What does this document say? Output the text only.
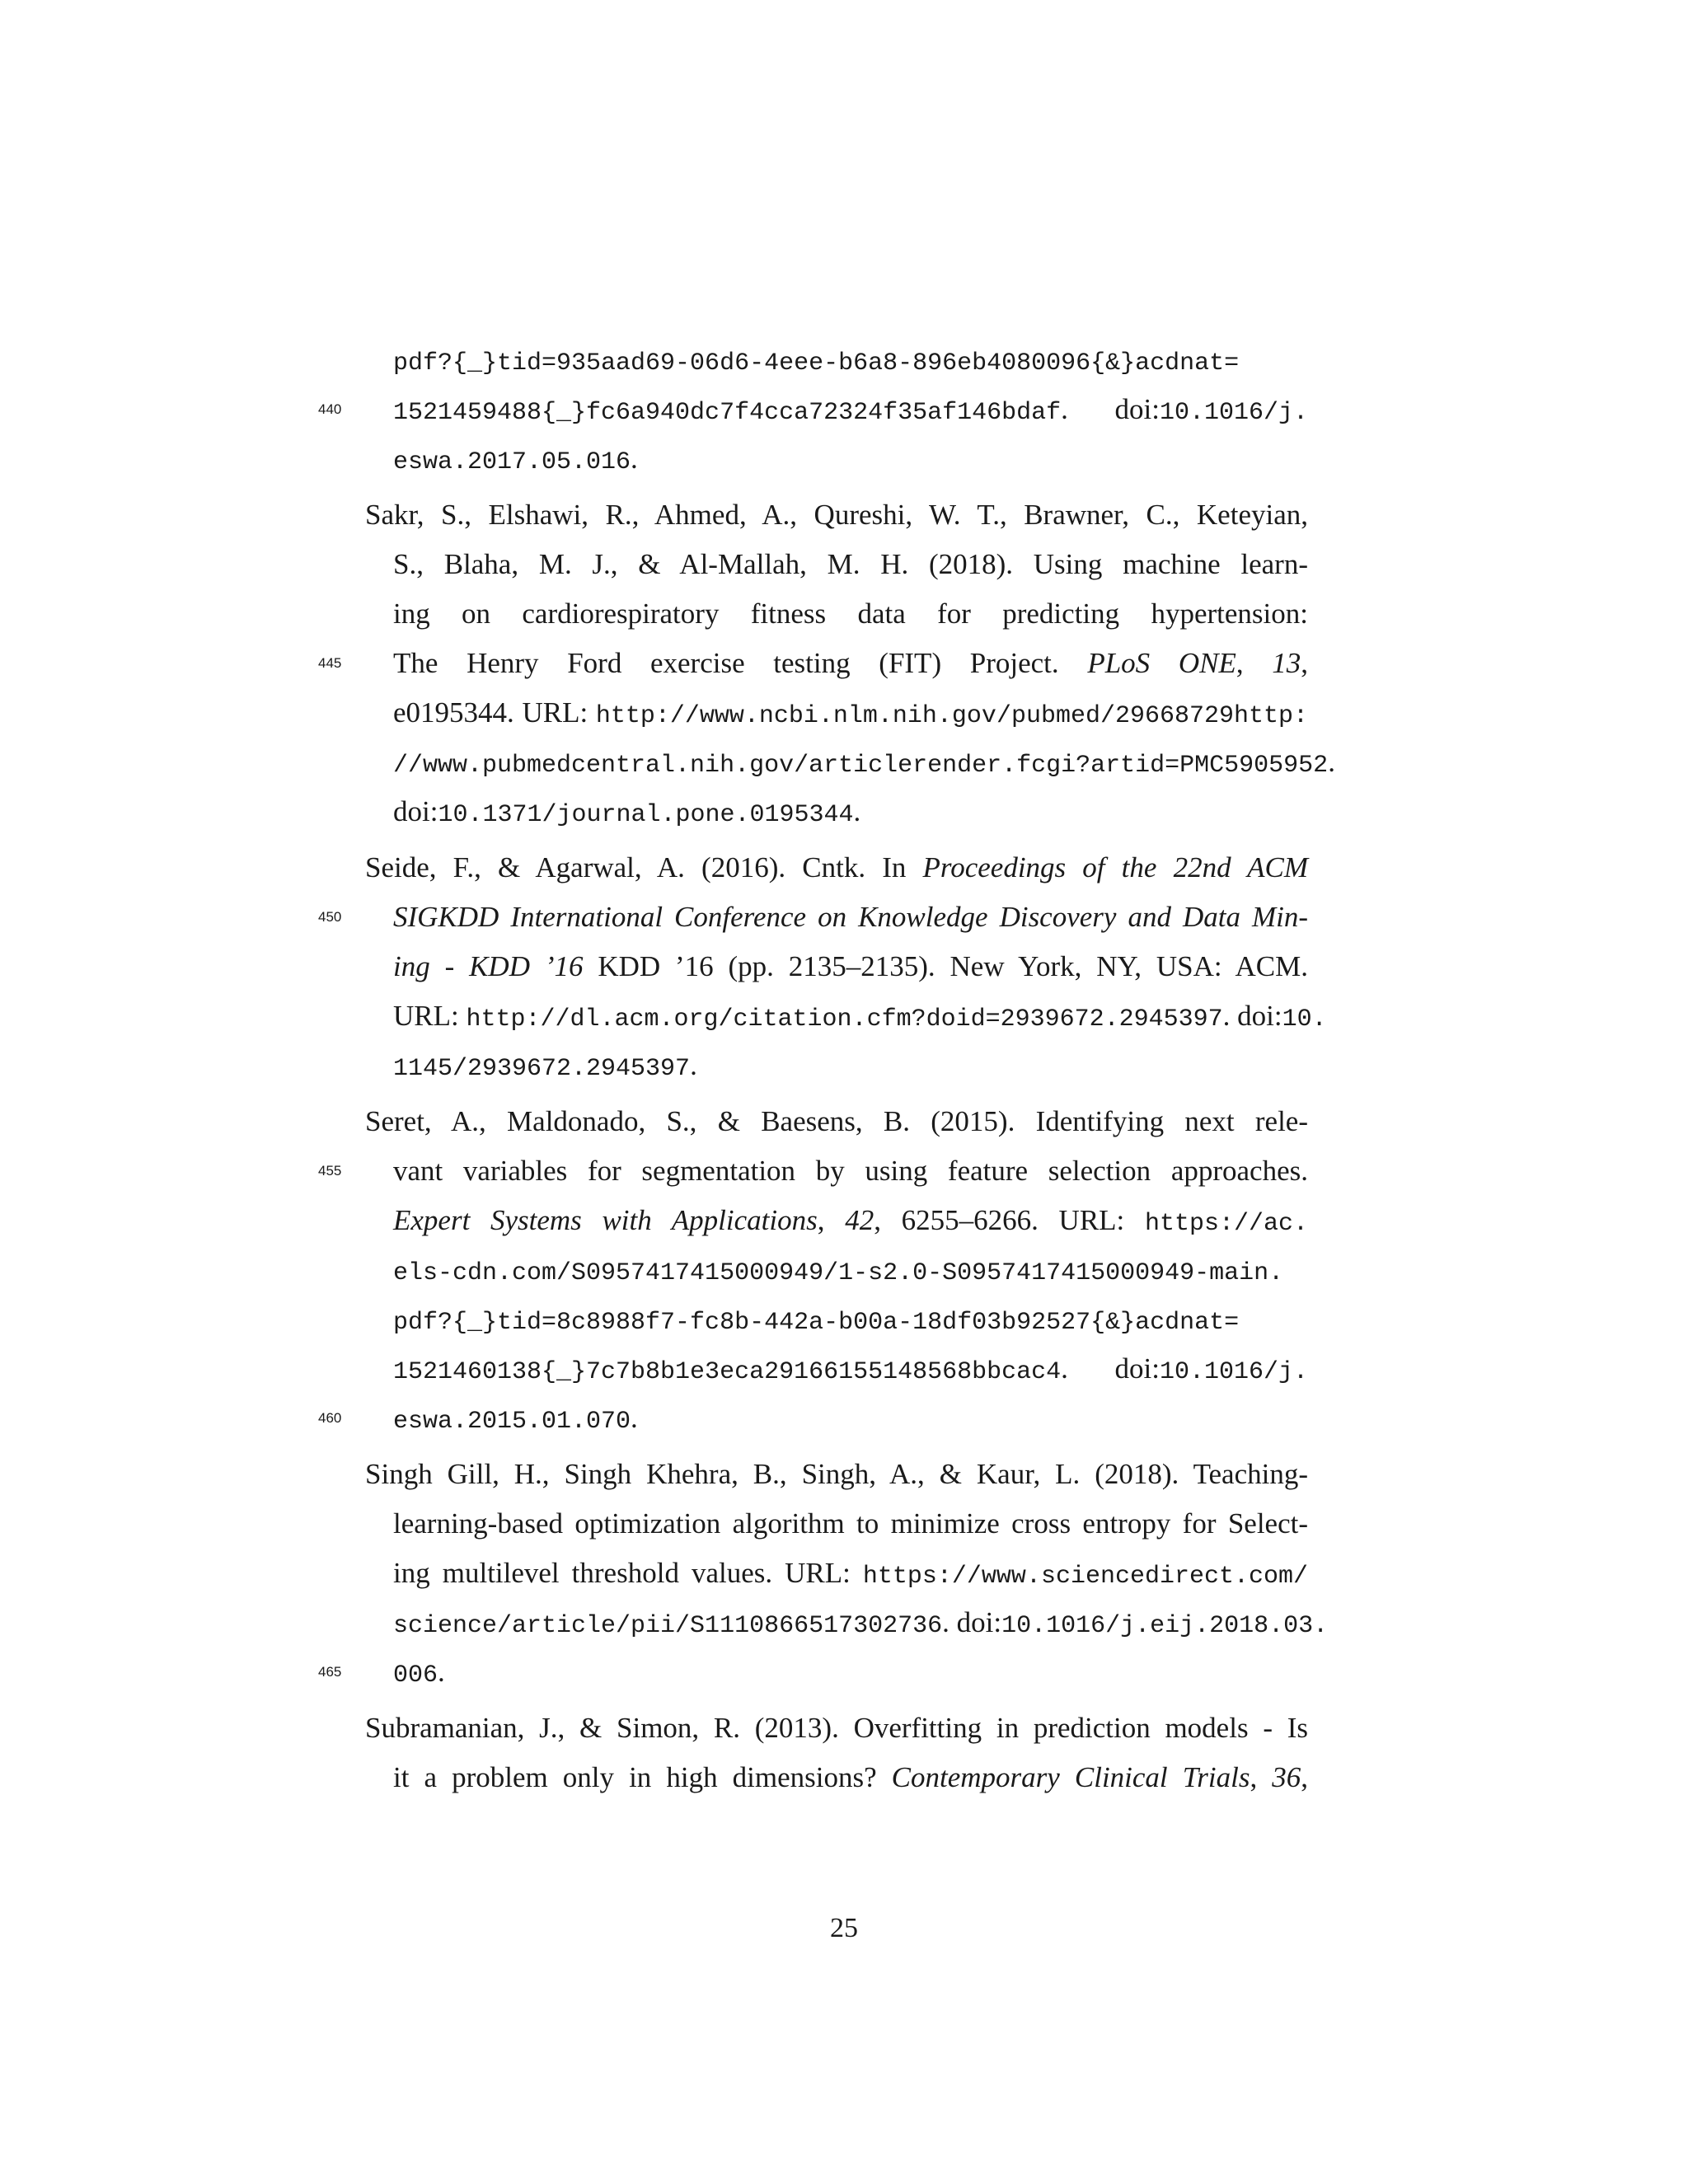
pdf?{_}tid=935aad69-06d6-4eee-b6a8-896eb4080096{&}acdnat=
1521459488{_}fc6a940dc7f4cca72324f35af146bdaf. doi:10.1016/j.
eswa.2017.05.016.
Sakr, S., Elshawi, R., Ahmed, A., Qureshi, W. T., Brawner, C., Keteyian,
S., Blaha, M. J., & Al-Mallah, M. H. (2018). Using machine learn-
ing on cardiorespiratory fitness data for predicting hypertension:
The Henry Ford exercise testing (FIT) Project. PLoS ONE, 13,
e0195344. URL: http://www.ncbi.nlm.nih.gov/pubmed/29668729http:
//www.pubmedcentral.nih.gov/articlerender.fcgi?artid=PMC5905952.
doi:10.1371/journal.pone.0195344.
Seide, F., & Agarwal, A. (2016). Cntk. In Proceedings of the 22nd ACM
SIGKDD International Conference on Knowledge Discovery and Data Min-
ing - KDD ’16 KDD ’16 (pp. 2135–2135). New York, NY, USA: ACM.
URL: http://dl.acm.org/citation.cfm?doid=2939672.2945397. doi:10.
1145/2939672.2945397.
Seret, A., Maldonado, S., & Baesens, B. (2015). Identifying next rele-
vant variables for segmentation by using feature selection approaches.
Expert Systems with Applications, 42, 6255–6266. URL: https://ac.
els-cdn.com/S0957417415000949/1-s2.0-S0957417415000949-main.
pdf?{_}tid=8c8988f7-fc8b-442a-b00a-18df03b92527{&}acdnat=
1521460138{_}7c7b8b1e3eca29166155148568bbcac4. doi:10.1016/j.
eswa.2015.01.070.
Singh Gill, H., Singh Khehra, B., Singh, A., & Kaur, L. (2018). Teaching-
learning-based optimization algorithm to minimize cross entropy for Select-
ing multilevel threshold values. URL: https://www.sciencedirect.com/
science/article/pii/S1110866517302736. doi:10.1016/j.eij.2018.03.
006.
Subramanian, J., & Simon, R. (2013). Overfitting in prediction models - Is
it a problem only in high dimensions? Contemporary Clinical Trials, 36,
440
445
450
455
460
465
25
